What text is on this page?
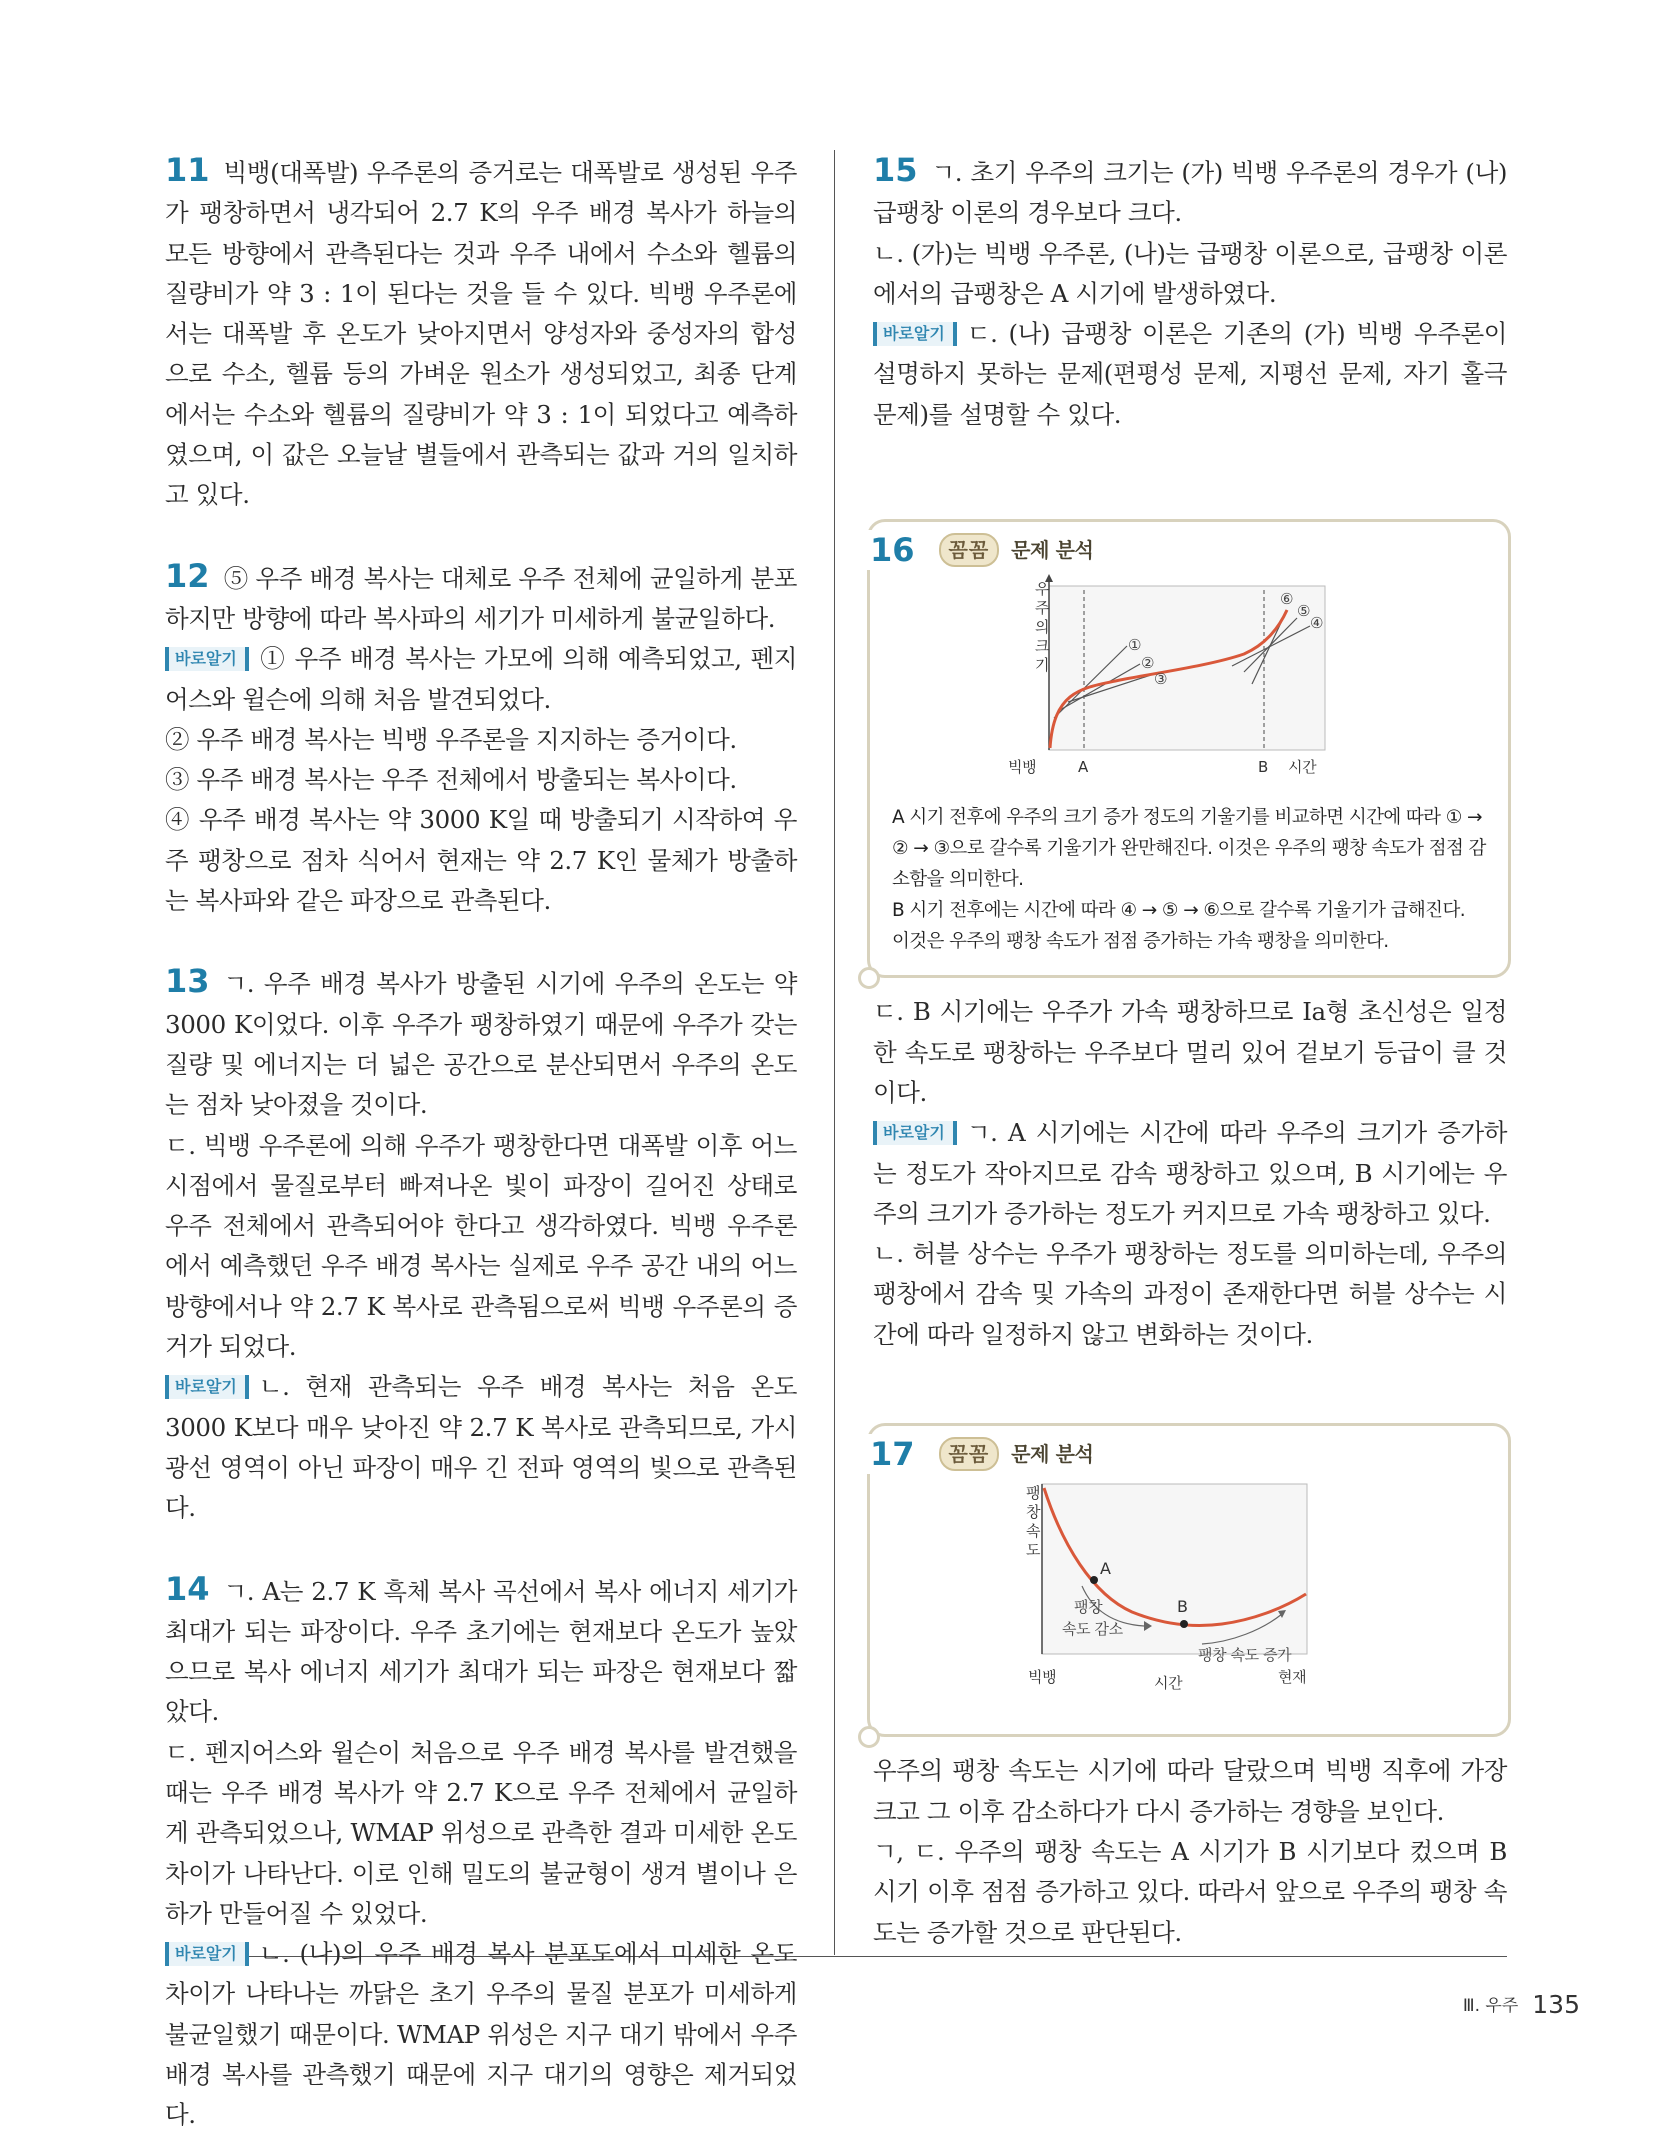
11 빅뱅(대폭발) 우주론의 증거로는 대폭발로 생성된 우주가 팽창하면서 냉각되어 2.7 K의 우주 배경 복사가 하늘의 모든 방향에서 관측된다는 것과 우주 내에서 수소와 헬륨의 질량비가 약 3 : 1이 된다는 것을 들 수 있다. 빅뱅 우주론에서는 대폭발 후 온도가 낮아지면서 양성자와 중성자의 합성으로 수소, 헬륨 등의 가벼운 원소가 생성되었고, 최종 단계에서는 수소와 헬륨의 질량비가 약 3 : 1이 되었다고 예측하였으며, 이 값은 오늘날 별들에서 관측되는 값과 거의 일치하고 있다.

12 ⑤ 우주 배경 복사는 대체로 우주 전체에 균일하게 분포하지만 방향에 따라 복사파의 세기가 미세하게 불균일하다.

바로알기 ① 우주 배경 복사는 가모에 의해 예측되었고, 펜지어스와 윌슨에 의해 처음 발견되었다.

② 우주 배경 복사는 빅뱅 우주론을 지지하는 증거이다.

③ 우주 배경 복사는 우주 전체에서 방출되는 복사이다.

④ 우주 배경 복사는 약 3000 K일 때 방출되기 시작하여 우주 팽창으로 점차 식어서 현재는 약 2.7 K인 물체가 방출하는 복사파와 같은 파장으로 관측된다.

13 ㄱ. 우주 배경 복사가 방출된 시기에 우주의 온도는 약 3000 K이었다. 이후 우주가 팽창하였기 때문에 우주가 갖는 질량 및 에너지는 더 넓은 공간으로 분산되면서 우주의 온도는 점차 낮아졌을 것이다.

ㄷ. 빅뱅 우주론에 의해 우주가 팽창한다면 대폭발 이후 어느 시점에서 물질로부터 빠져나온 빛이 파장이 길어진 상태로 우주 전체에서 관측되어야 한다고 생각하였다. 빅뱅 우주론에서 예측했던 우주 배경 복사는 실제로 우주 공간 내의 어느 방향에서나 약 2.7 K 복사로 관측됨으로써 빅뱅 우주론의 증거가 되었다.

바로알기 ㄴ. 현재 관측되는 우주 배경 복사는 처음 온도 3000 K보다 매우 낮아진 약 2.7 K 복사로 관측되므로, 가시광선 영역이 아닌 파장이 매우 긴 전파 영역의 빛으로 관측된다.

14 ㄱ. A는 2.7 K 흑체 복사 곡선에서 복사 에너지 세기가 최대가 되는 파장이다. 우주 초기에는 현재보다 온도가 높았으므로 복사 에너지 세기가 최대가 되는 파장은 현재보다 짧았다.

ㄷ. 펜지어스와 윌슨이 처음으로 우주 배경 복사를 발견했을 때는 우주 배경 복사가 약 2.7 K으로 우주 전체에서 균일하게 관측되었으나, WMAP 위성으로 관측한 결과 미세한 온도 차이가 나타난다. 이로 인해 밀도의 불균형이 생겨 별이나 은하가 만들어질 수 있었다.

바로알기 ㄴ. (나)의 우주 배경 복사 분포도에서 미세한 온도 차이가 나타나는 까닭은 초기 우주의 물질 분포가 미세하게 불균일했기 때문이다. WMAP 위성은 지구 대기 밖에서 우주 배경 복사를 관측했기 때문에 지구 대기의 영향은 제거되었다.

15 ㄱ. 초기 우주의 크기는 (가) 빅뱅 우주론의 경우가 (나) 급팽창 이론의 경우보다 크다.

ㄴ. (가)는 빅뱅 우주론, (나)는 급팽창 이론으로, 급팽창 이론에서의 급팽창은 A 시기에 발생하였다.

바로알기 ㄷ. (나) 급팽창 이론은 기존의 (가) 빅뱅 우주론이 설명하지 못하는 문제(편평성 문제, 지평선 문제, 자기 홀극 문제)를 설명할 수 있다.

16	꼼꼼	문제 분석
우 주 의 크 기
①
②
③
④
⑤
⑥
빅뱅	A	B 시간

A 시기 전후에 우주의 크기 증가 정도의 기울기를 비교하면 시간에 따라 ① → ② → ③으로 갈수록 기울기가 완만해진다. 이것은 우주의 팽창 속도가 점점 감소함을 의미한다.

B 시기 전후에는 시간에 따라 ④ → ⑤ → ⑥으로 갈수록 기울기가 급해진다. 이것은 우주의 팽창 속도가 점점 증가하는 가속 팽창을 의미한다.

ㄷ. B 시기에는 우주가 가속 팽창하므로 Ia형 초신성은 일정한 속도로 팽창하는 우주보다 멀리 있어 겉보기 등급이 클 것이다.

바로알기 ㄱ. A 시기에는 시간에 따라 우주의 크기가 증가하는 정도가 작아지므로 감속 팽창하고 있으며, B 시기에는 우주의 크기가 증가하는 정도가 커지므로 가속 팽창하고 있다.

ㄴ. 허블 상수는 우주가 팽창하는 정도를 의미하는데, 우주의 팽창에서 감속 및 가속의 과정이 존재한다면 허블 상수는 시간에 따라 일정하지 않고 변화하는 것이다.

17	꼼꼼	문제 분석
A
B
팽창
속도 감소
팽창 속도 증가
팽 창 속 도
빅뱅	시간	현재

우주의 팽창 속도는 시기에 따라 달랐으며 빅뱅 직후에 가장 크고 그 이후 감소하다가 다시 증가하는 경향을 보인다.

ㄱ, ㄷ. 우주의 팽창 속도는 A 시기가 B 시기보다 컸으며 B 시기 이후 점점 증가하고 있다. 따라서 앞으로 우주의 팽창 속도는 증가할 것으로 판단된다.

Ⅲ. 우주 135
